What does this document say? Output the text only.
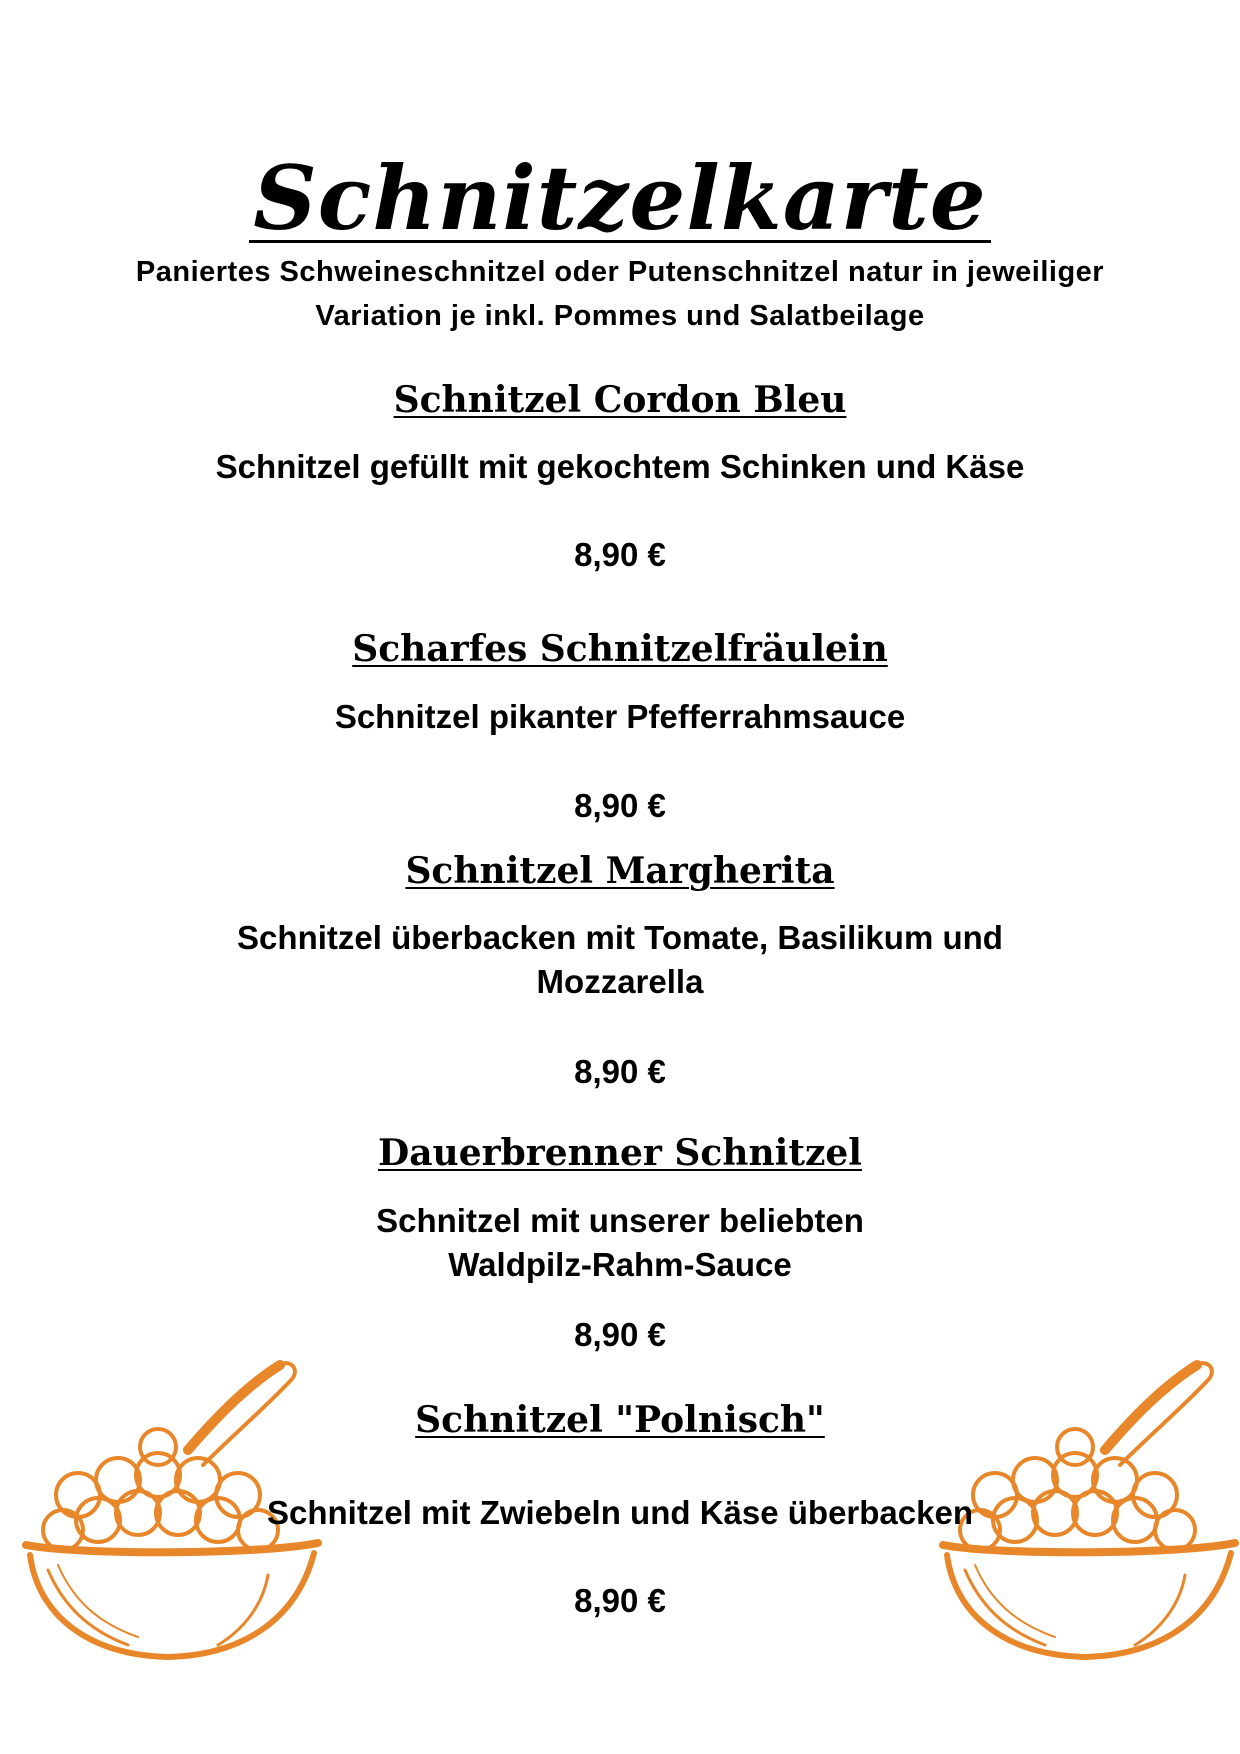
Schnitzelkarte
Paniertes Schweineschnitzel oder Putenschnitzel natur in jeweiliger Variation je inkl. Pommes und Salatbeilage
Schnitzel Cordon Bleu
Schnitzel gefüllt mit gekochtem Schinken und Käse
8,90 €
Scharfes Schnitzelfräulein
Schnitzel pikanter Pfefferrahmsauce
8,90 €
Schnitzel Margherita
Schnitzel überbacken mit Tomate, Basilikum und Mozzarella
8,90 €
Dauerbrenner Schnitzel
Schnitzel mit unserer beliebten Waldpilz-Rahm-Sauce
8,90 €
Schnitzel "Polnisch"
Schnitzel mit Zwiebeln und Käse überbacken
8,90 €
